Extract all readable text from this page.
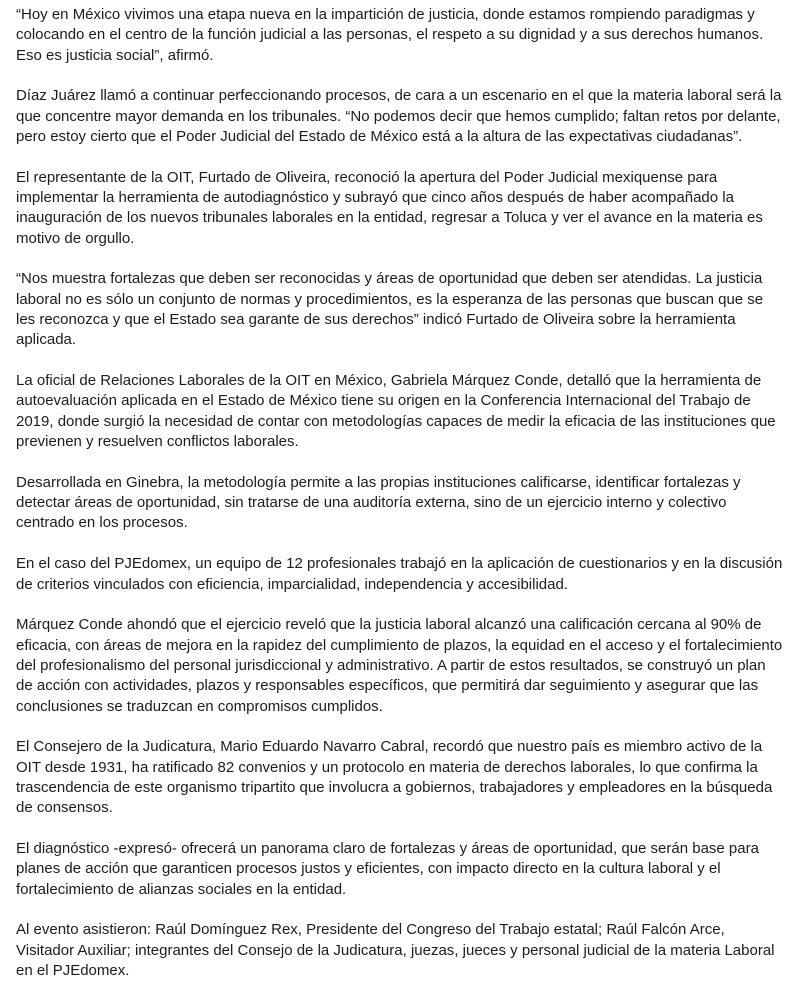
“Hoy en México vivimos una etapa nueva en la impartición de justicia, donde estamos rompiendo paradigmas y colocando en el centro de la función judicial a las personas, el respeto a su dignidad y a sus derechos humanos. Eso es justicia social”, afirmó.

Díaz Juárez llamó a continuar perfeccionando procesos, de cara a un escenario en el que la materia laboral será la que concentre mayor demanda en los tribunales. “No podemos decir que hemos cumplido; faltan retos por delante, pero estoy cierto que el Poder Judicial del Estado de México está a la altura de las expectativas ciudadanas”.

El representante de la OIT, Furtado de Oliveira, reconoció la apertura del Poder Judicial mexiquense para implementar la herramienta de autodiagnóstico y subrayó que cinco años después de haber acompañado la inauguración de los nuevos tribunales laborales en la entidad, regresar a Toluca y ver el avance en la materia es motivo de orgullo.

“Nos muestra fortalezas que deben ser reconocidas y áreas de oportunidad que deben ser atendidas. La justicia laboral no es sólo un conjunto de normas y procedimientos, es la esperanza de las personas que buscan que se les reconozca y que el Estado sea garante de sus derechos” indicó Furtado de Oliveira sobre la herramienta aplicada.

La oficial de Relaciones Laborales de la OIT en México, Gabriela Márquez Conde, detalló que la herramienta de autoevaluación aplicada en el Estado de México tiene su origen en la Conferencia Internacional del Trabajo de 2019, donde surgió la necesidad de contar con metodologías capaces de medir la eficacia de las instituciones que previenen y resuelven conflictos laborales.

Desarrollada en Ginebra, la metodología permite a las propias instituciones calificarse, identificar fortalezas y detectar áreas de oportunidad, sin tratarse de una auditoría externa, sino de un ejercicio interno y colectivo centrado en los procesos.

En el caso del PJEdomex, un equipo de 12 profesionales trabajó en la aplicación de cuestionarios y en la discusión de criterios vinculados con eficiencia, imparcialidad, independencia y accesibilidad.

Márquez Conde ahondó que el ejercicio reveló que la justicia laboral alcanzó una calificación cercana al 90% de eficacia, con áreas de mejora en la rapidez del cumplimiento de plazos, la equidad en el acceso y el fortalecimiento del profesionalismo del personal jurisdiccional y administrativo. A partir de estos resultados, se construyó un plan de acción con actividades, plazos y responsables específicos, que permitirá dar seguimiento y asegurar que las conclusiones se traduzcan en compromisos cumplidos.

El Consejero de la Judicatura, Mario Eduardo Navarro Cabral, recordó que nuestro país es miembro activo de la OIT desde 1931, ha ratificado 82 convenios y un protocolo en materia de derechos laborales, lo que confirma la trascendencia de este organismo tripartito que involucra a gobiernos, trabajadores y empleadores en la búsqueda de consensos.

El diagnóstico -expresó- ofrecerá un panorama claro de fortalezas y áreas de oportunidad, que serán base para planes de acción que garanticen procesos justos y eficientes, con impacto directo en la cultura laboral y el fortalecimiento de alianzas sociales en la entidad.

Al evento asistieron: Raúl Domínguez Rex, Presidente del Congreso del Trabajo estatal; Raúl Falcón Arce, Visitador Auxiliar; integrantes del Consejo de la Judicatura, juezas, jueces y personal judicial de la materia Laboral en el PJEdomex.
